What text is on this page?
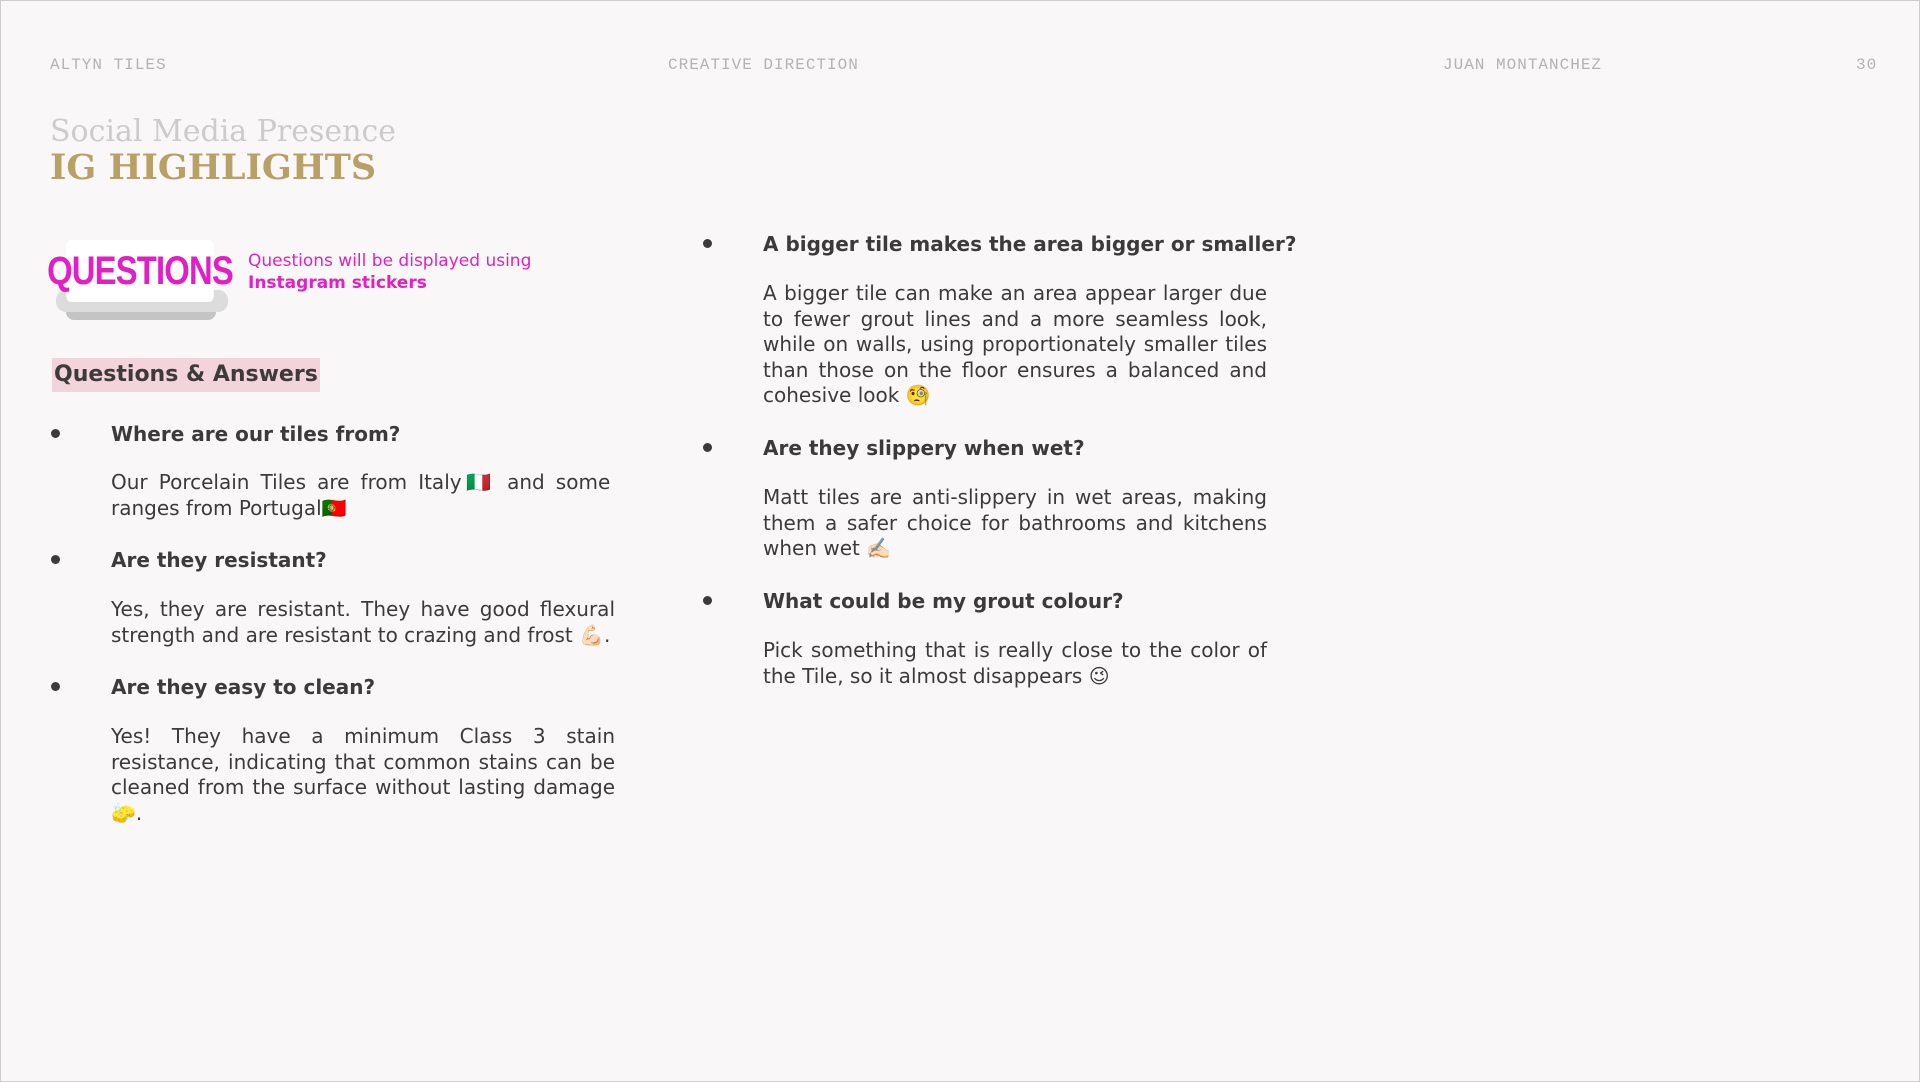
ALTYN TILES	CREATIVE DIRECTION	JUAN MONTANCHEZ	30

Social Media Presence
IG HIGHLIGHTS
QUESTIONS Questions will be displayed using Instagram stickers

Questions & Answers

Where are our tiles from?

Our Porcelain Tiles are from Italy🇮🇹 and some ranges from Portugal🇵🇹

Are they resistant?

Yes, they are resistant. They have good flexural strength and are resistant to crazing and frost 💪🏻.

Are they easy to clean?

Yes! They have a minimum Class 3 stain resistance, indicating that common stains can be cleaned from the surface without lasting damage 🧽.

A bigger tile makes the area bigger or smaller?

A bigger tile can make an area appear larger due to fewer grout lines and a more seamless look, while on walls, using proportionately smaller tiles than those on the floor ensures a balanced and cohesive look 🧐

Are they slippery when wet?

Matt tiles are anti-slippery in wet areas, making them a safer choice for bathrooms and kitchens when wet ✍🏻

What could be my grout colour?

Pick something that is really close to the color of the Tile, so it almost disappears 😉
